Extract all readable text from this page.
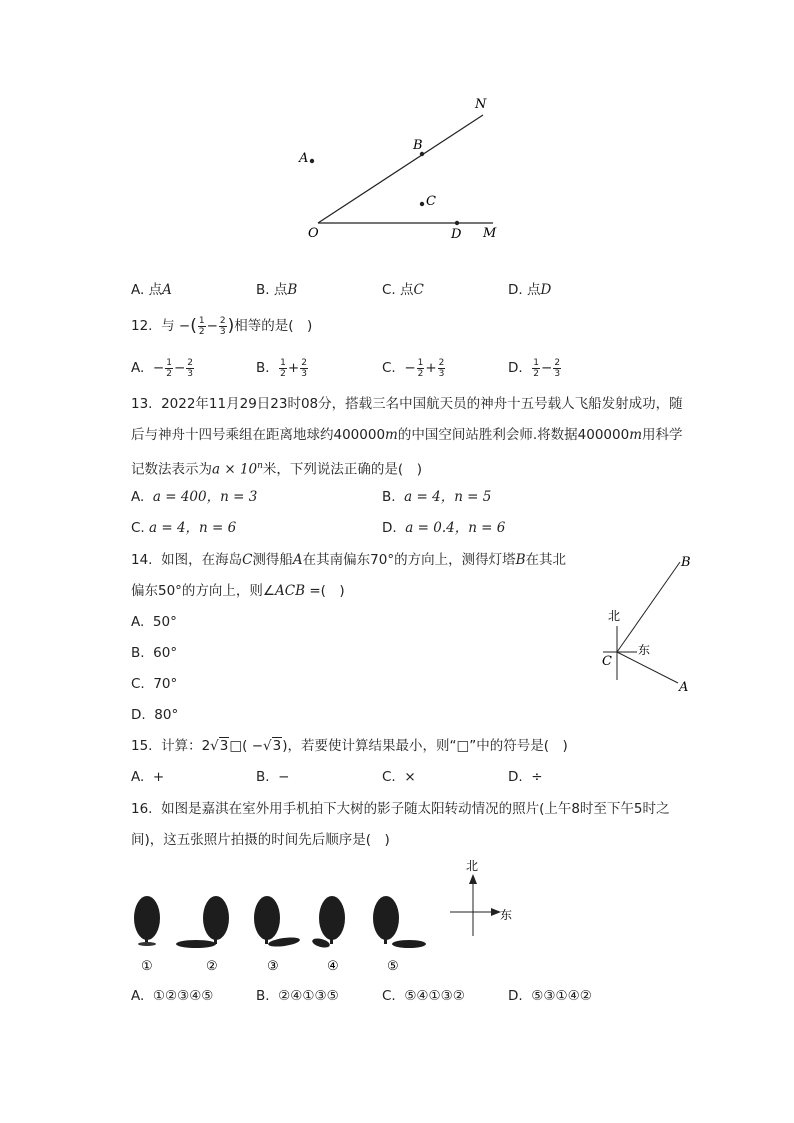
N
A
B
C
O	D M
A. 点A	B. 点B	C. 点C	D. 点D
12. 与 −( $\frac{1}{2} - \frac{2}{3}$ )相等的是(　)
A. − $\frac{1}{2} - \frac{2}{3}$	B. $\frac{1}{2} + \frac{2}{3}$	C. − $\frac{1}{2} + \frac{2}{3}$	D. $\frac{1}{2} - \frac{2}{3}$
13. 2022年11月29日23时08分，搭载三名中国航天员的神舟十五号载人飞船发射成功，随
后与神舟十四号乘组在距离地球约400000m的中国空间站胜利会师.将数据400000m用科学
记数法表示为$a \times 10^n$米，下列说法正确的是(　)
A. a = 400，n = 3	B. a = 4，n = 5
C. a = 4，n = 6	D. a = 0.4，n = 6
14. 如图，在海岛C测得船A在其南偏东70°的方向上，测得灯塔B在其北
偏东50°的方向上，则∠ACB =(　)
A. 50°
B. 60°
C. 70°
D. 80°
北
东
B
C
A
15. 计算：2√3□( −√3)，若要使计算结果最小，则“□”中的符号是(　)
A. +	B. −	C. ×	D. ÷
16. 如图是嘉淇在室外用手机拍下大树的影子随太阳转动情况的照片(上午8时至下午5时之
间)，这五张照片拍摄的时间先后顺序是(　)
①	②	③	④	⑤
北
东
A. ①②③④⑤	B. ②④①③⑤	C. ⑤④①③②	D. ⑤③①④②
